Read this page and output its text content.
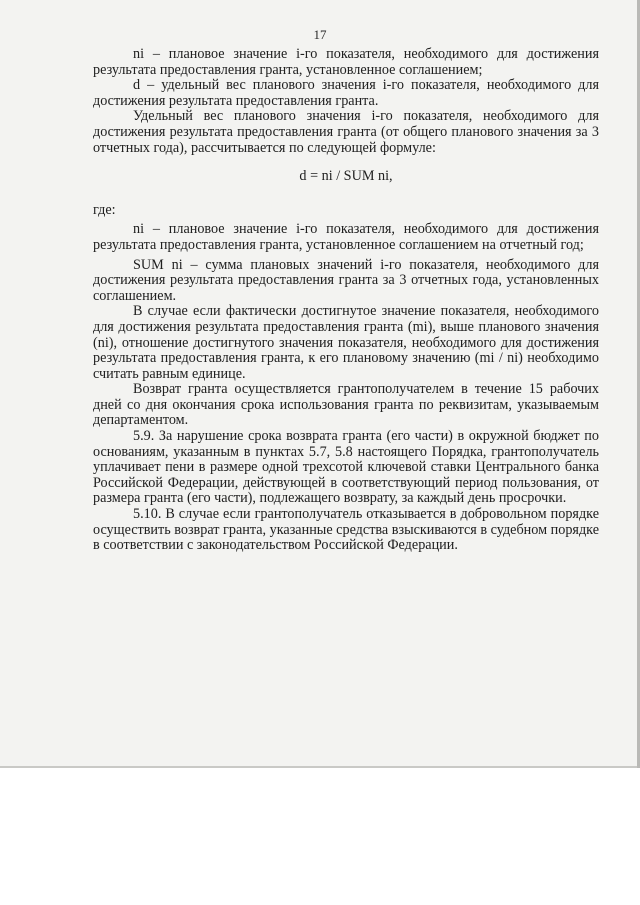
17

ni – плановое значение i-го показателя, необходимого для достижения результата предоставления гранта, установленное соглашением;

d – удельный вес планового значения i-го показателя, необходимого для достижения результата предоставления гранта.

Удельный вес планового значения i-го показателя, необходимого для достижения результата предоставления гранта (от общего планового значения за 3 отчетных года), рассчитывается по следующей формуле:

d = ni / SUM ni,

где:

ni – плановое значение i-го показателя, необходимого для достижения результата предоставления гранта, установленное соглашением на отчетный год;

SUM ni – сумма плановых значений i-го показателя, необходимого для достижения результата предоставления гранта за 3 отчетных года, установленных соглашением.

В случае если фактически достигнутое значение показателя, необходимого для достижения результата предоставления гранта (mi), выше планового значения (ni), отношение достигнутого значения показателя, необходимого для достижения результата предоставления гранта, к его плановому значению (mi / ni) необходимо считать равным единице.

Возврат гранта осуществляется грантополучателем в течение 15 рабочих дней со дня окончания срока использования гранта по реквизитам, указываемым департаментом.

5.9. За нарушение срока возврата гранта (его части) в окружной бюджет по основаниям, указанным в пунктах 5.7, 5.8 настоящего Порядка, грантополучатель уплачивает пени в размере одной трехсотой ключевой ставки Центрального банка Российской Федерации, действующей в соответствующий период пользования, от размера гранта (его части), подлежащего возврату, за каждый день просрочки.

5.10. В случае если грантополучатель отказывается в добровольном порядке осуществить возврат гранта, указанные средства взыскиваются в судебном порядке в соответствии с законодательством Российской Федерации.
